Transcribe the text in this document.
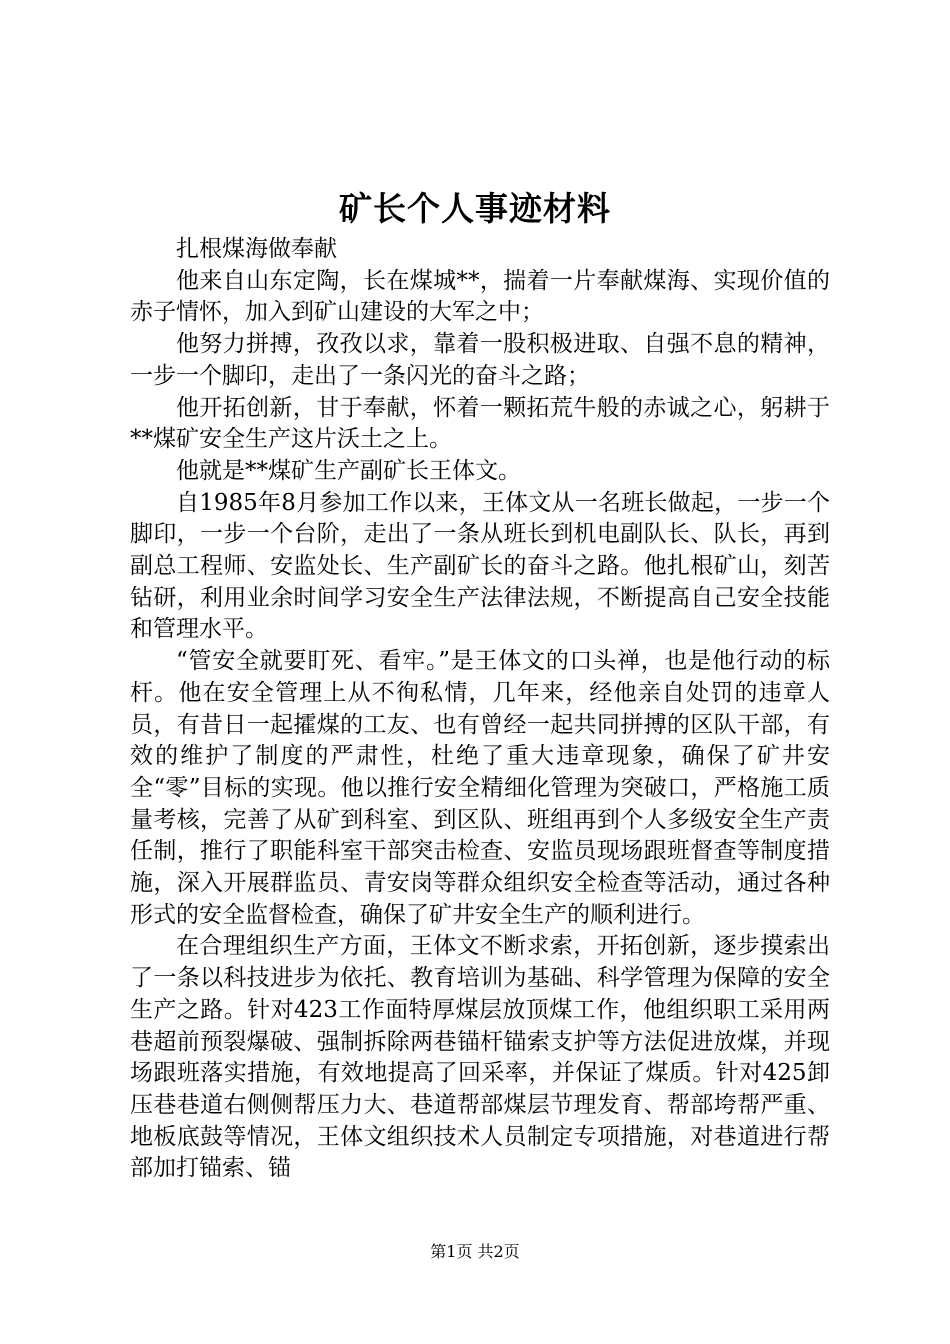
矿长个人事迹材料

扎根煤海做奉献

他来自山东定陶，长在煤城**，揣着一片奉献煤海、实现价值的赤子情怀，加入到矿山建设的大军之中；

他努力拼搏，孜孜以求，靠着一股积极进取、自强不息的精神，一步一个脚印，走出了一条闪光的奋斗之路；

他开拓创新，甘于奉献，怀着一颗拓荒牛般的赤诚之心，躬耕于**煤矿安全生产这片沃土之上。

他就是**煤矿生产副矿长王体文。

自1985年8月参加工作以来，王体文从一名班长做起，一步一个脚印，一步一个台阶，走出了一条从班长到机电副队长、队长，再到副总工程师、安监处长、生产副矿长的奋斗之路。他扎根矿山，刻苦钻研，利用业余时间学习安全生产法律法规，不断提高自己安全技能和管理水平。

“管安全就要盯死、看牢。”是王体文的口头禅，也是他行动的标杆。他在安全管理上从不徇私情，几年来，经他亲自处罚的违章人员，有昔日一起攉煤的工友、也有曾经一起共同拼搏的区队干部，有效的维护了制度的严肃性，杜绝了重大违章现象，确保了矿井安全“零”目标的实现。他以推行安全精细化管理为突破口，严格施工质量考核，完善了从矿到科室、到区队、班组再到个人多级安全生产责任制，推行了职能科室干部突击检查、安监员现场跟班督查等制度措施，深入开展群监员、青安岗等群众组织安全检查等活动，通过各种形式的安全监督检查，确保了矿井安全生产的顺利进行。

在合理组织生产方面，王体文不断求索，开拓创新，逐步摸索出了一条以科技进步为依托、教育培训为基础、科学管理为保障的安全生产之路。针对423工作面特厚煤层放顶煤工作，他组织职工采用两巷超前预裂爆破、强制拆除两巷锚杆锚索支护等方法促进放煤，并现场跟班落实措施，有效地提高了回采率，并保证了煤质。针对425卸压巷巷道右侧侧帮压力大、巷道帮部煤层节理发育、帮部垮帮严重、地板底鼓等情况，王体文组织技术人员制定专项措施，对巷道进行帮部加打锚索、锚

第1页 共2页
